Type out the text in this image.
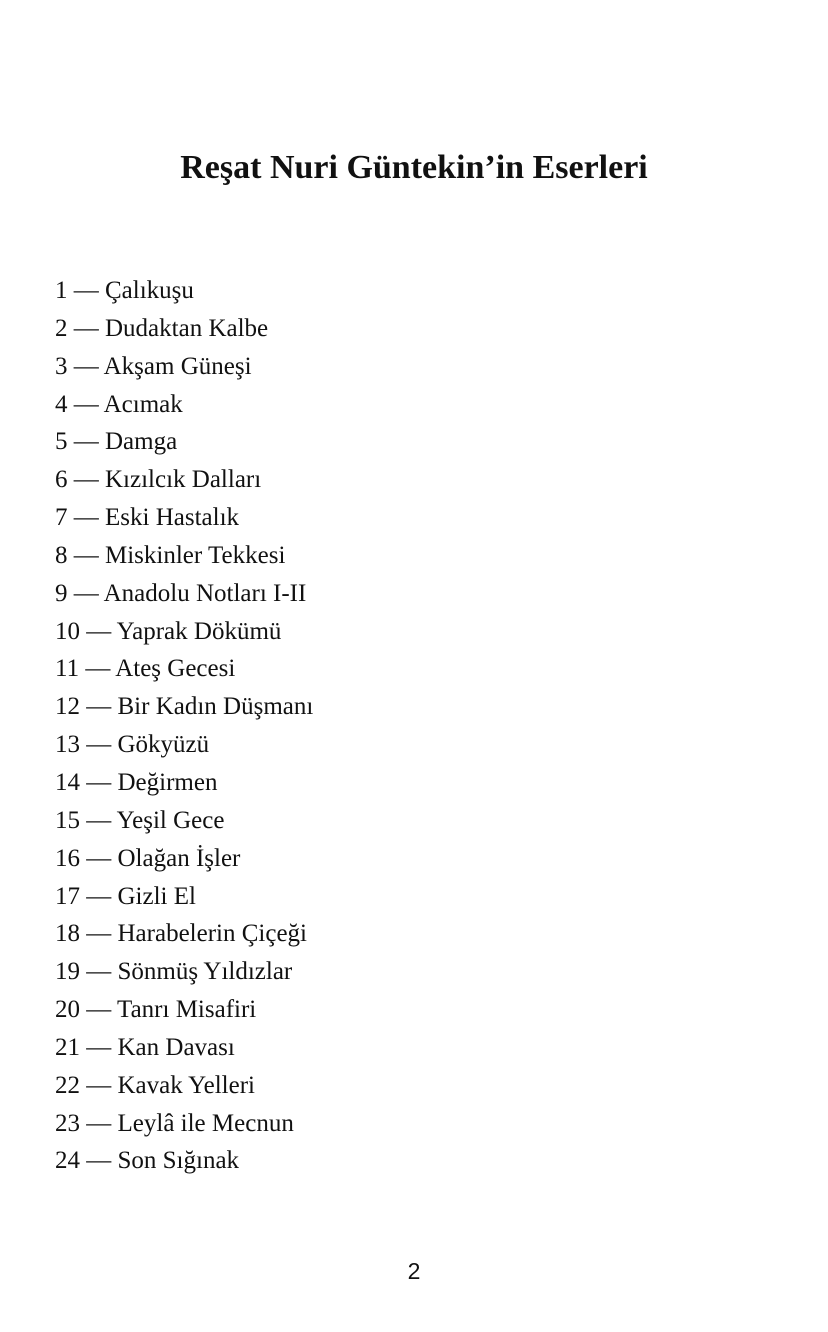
Reşat Nuri Güntekin’in Eserleri
1 — Çalıkuşu
2 — Dudaktan Kalbe
3 — Akşam Güneşi
4 — Acımak
5 — Damga
6 — Kızılcık Dalları
7 — Eski Hastalık
8 — Miskinler Tekkesi
9 — Anadolu Notları I-II
10 — Yaprak Dökümü
11 — Ateş Gecesi
12 — Bir Kadın Düşmanı
13 — Gökyüzü
14 — Değirmen
15 — Yeşil Gece
16 — Olağan İşler
17 — Gizli El
18 — Harabelerin Çiçeği
19 — Sönmüş Yıldızlar
20 — Tanrı Misafiri
21 — Kan Davası
22 — Kavak Yelleri
23 — Leylâ ile Mecnun
24 — Son Sığınak
2
